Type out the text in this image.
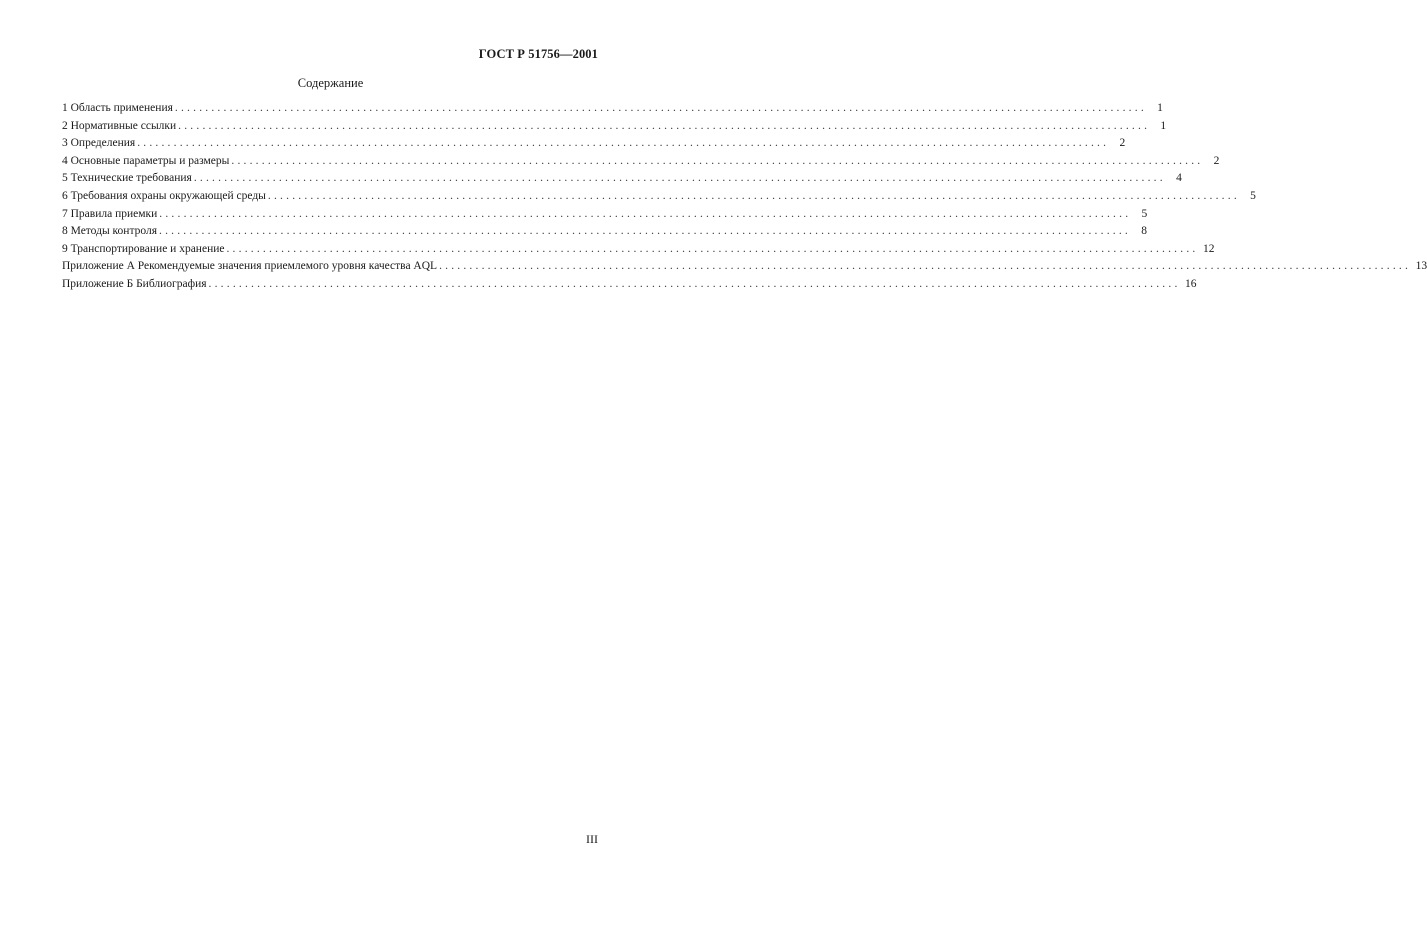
ГОСТ Р 51756—2001
Содержание
1 Область применения ................................................................................................................................................................ 1
2 Нормативные ссылки ................................................................................................................................................................ 1
3 Определения ................................................................................................................................................................ 2
4 Основные параметры и размеры ................................................................................................................................................................ 2
5 Технические требования ................................................................................................................................................................ 4
6 Требования охраны окружающей среды ................................................................................................................................................................ 5
7 Правила приемки ................................................................................................................................................................ 5
8 Методы контроля ................................................................................................................................................................ 8
9 Транспортирование и хранение ................................................................................................................................................................ 12
Приложение А Рекомендуемые значения приемлемого уровня качества AQL ................................................................................................................................................................ 13
Приложение Б Библиография ................................................................................................................................................................ 16
III
